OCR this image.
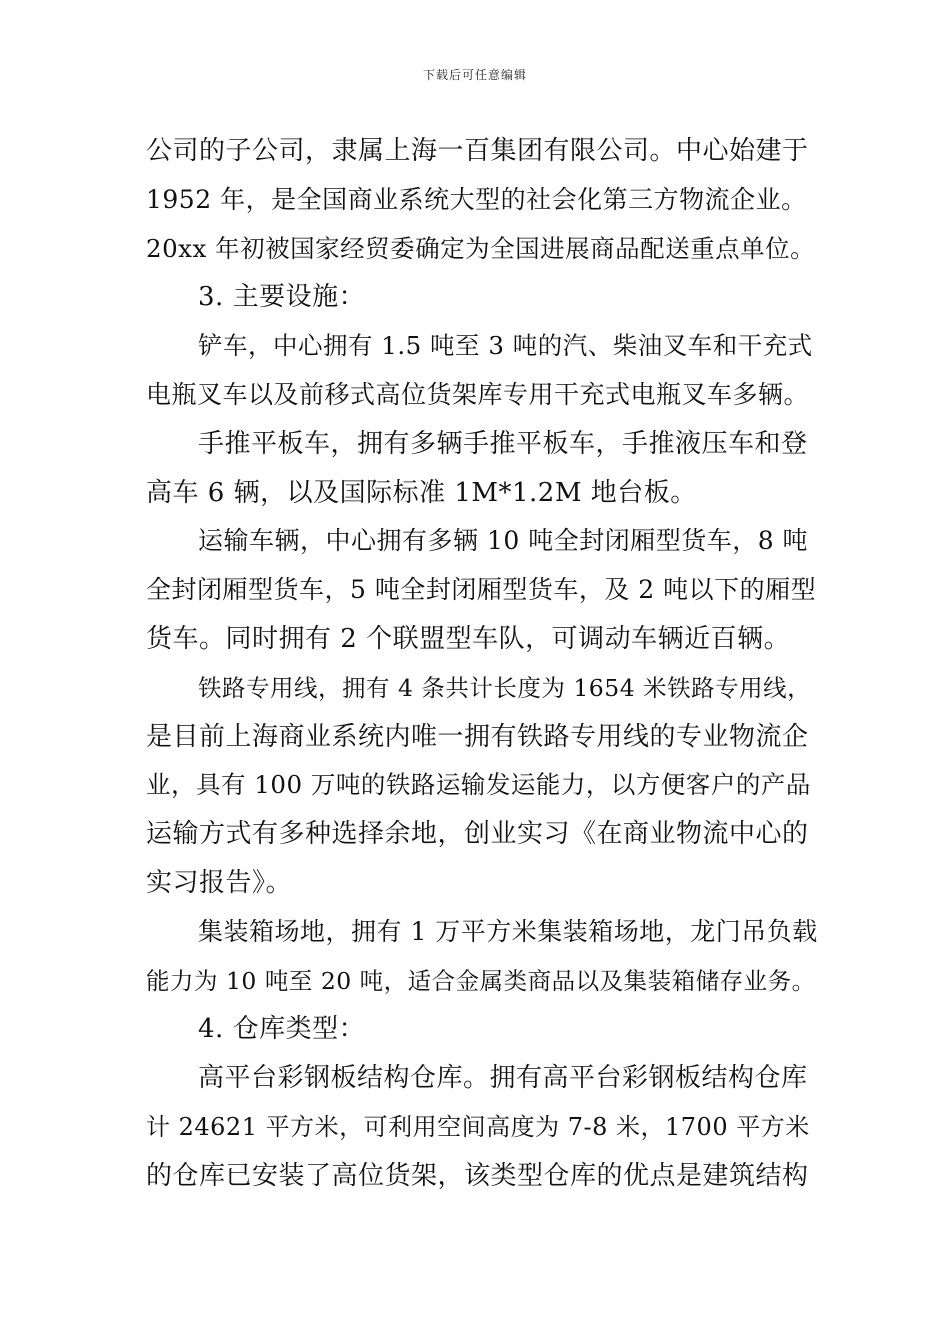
下载后可任意编辑
公司的子公司，隶属上海一百集团有限公司。中心始建于
1952 年，是全国商业系统大型的社会化第三方物流企业。
20xx 年初被国家经贸委确定为全国进展商品配送重点单位。
3. 主要设施：
铲车，中心拥有 1.5 吨至 3 吨的汽、柴油叉车和干充式
电瓶叉车以及前移式高位货架库专用干充式电瓶叉车多辆。
手推平板车，拥有多辆手推平板车，手推液压车和登
高车 6 辆，以及国际标准 1M*1.2M 地台板。
运输车辆，中心拥有多辆 10 吨全封闭厢型货车，8 吨
全封闭厢型货车，5 吨全封闭厢型货车，及 2 吨以下的厢型
货车。同时拥有 2 个联盟型车队，可调动车辆近百辆。
铁路专用线，拥有 4 条共计长度为 1654 米铁路专用线，
是目前上海商业系统内唯一拥有铁路专用线的专业物流企
业，具有 100 万吨的铁路运输发运能力，以方便客户的产品
运输方式有多种选择余地，创业实习《在商业物流中心的
实习报告》。
集装箱场地，拥有 1 万平方米集装箱场地，龙门吊负载
能力为 10 吨至 20 吨，适合金属类商品以及集装箱储存业务。
4. 仓库类型：
高平台彩钢板结构仓库。拥有高平台彩钢板结构仓库
计 24621 平方米，可利用空间高度为 7-8 米，1700 平方米
的仓库已安装了高位货架，该类型仓库的优点是建筑结构
